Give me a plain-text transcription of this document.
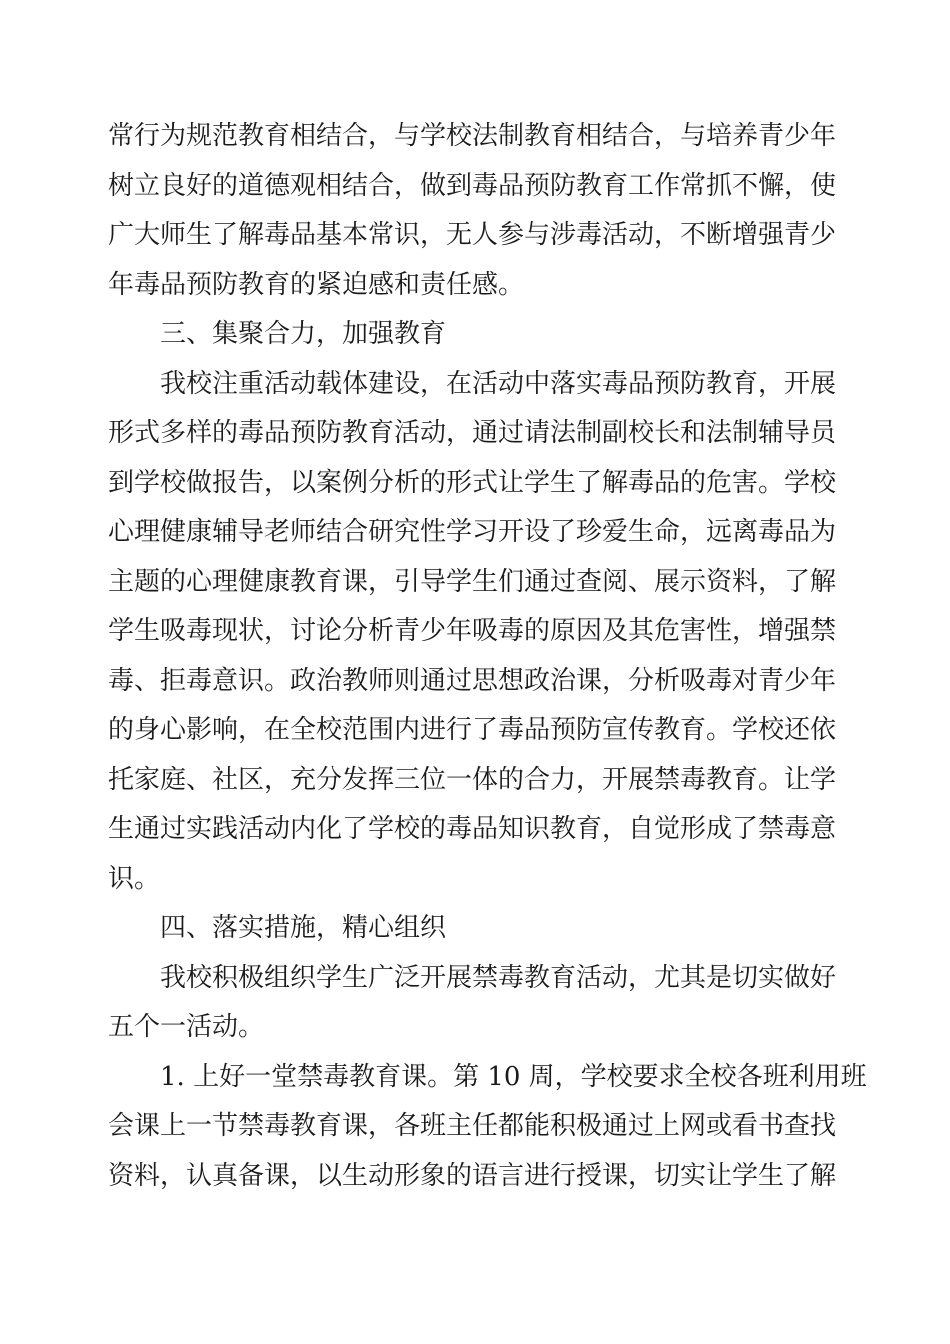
常行为规范教育相结合，与学校法制教育相结合，与培养青少年
树立良好的道德观相结合，做到毒品预防教育工作常抓不懈，使
广大师生了解毒品基本常识，无人参与涉毒活动，不断增强青少
年毒品预防教育的紧迫感和责任感。

三、集聚合力，加强教育

我校注重活动载体建设，在活动中落实毒品预防教育，开展
形式多样的毒品预防教育活动，通过请法制副校长和法制辅导员
到学校做报告，以案例分析的形式让学生了解毒品的危害。学校
心理健康辅导老师结合研究性学习开设了珍爱生命，远离毒品为
主题的心理健康教育课，引导学生们通过查阅、展示资料，了解
学生吸毒现状，讨论分析青少年吸毒的原因及其危害性，增强禁
毒、拒毒意识。政治教师则通过思想政治课，分析吸毒对青少年
的身心影响，在全校范围内进行了毒品预防宣传教育。学校还依
托家庭、社区，充分发挥三位一体的合力，开展禁毒教育。让学
生通过实践活动内化了学校的毒品知识教育，自觉形成了禁毒意
识。

四、落实措施，精心组织

我校积极组织学生广泛开展禁毒教育活动，尤其是切实做好
五个一活动。

1. 上好一堂禁毒教育课。第 10 周，学校要求全校各班利用班
会课上一节禁毒教育课，各班主任都能积极通过上网或看书查找
资料，认真备课，以生动形象的语言进行授课，切实让学生了解
